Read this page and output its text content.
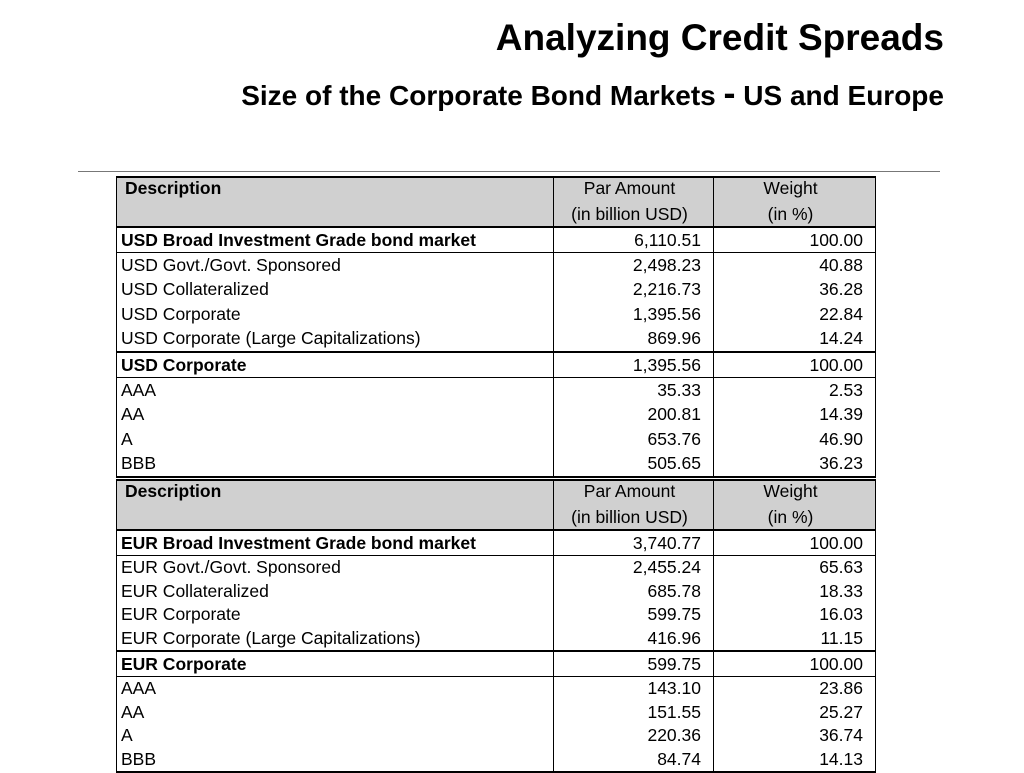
Analyzing Credit Spreads
Size of the Corporate Bond Markets - US and Europe
Description	Par Amount	Weight
	(in billion USD)	(in %)
USD Broad Investment Grade bond market	6,110.51	100.00
USD Govt./Govt. Sponsored	2,498.23	40.88
USD Collateralized	2,216.73	36.28
USD Corporate	1,395.56	22.84
USD Corporate (Large Capitalizations)	869.96	14.24
USD Corporate	1,395.56	100.00
AAA	35.33	2.53
AA	200.81	14.39
A	653.76	46.90
BBB	505.65	36.23
Description	Par Amount	Weight
	(in billion USD)	(in %)
EUR Broad Investment Grade bond market	3,740.77	100.00
EUR Govt./Govt. Sponsored	2,455.24	65.63
EUR Collateralized	685.78	18.33
EUR Corporate	599.75	16.03
EUR Corporate (Large Capitalizations)	416.96	11.15
EUR Corporate	599.75	100.00
AAA	143.10	23.86
AA	151.55	25.27
A	220.36	36.74
BBB	84.74	14.13
